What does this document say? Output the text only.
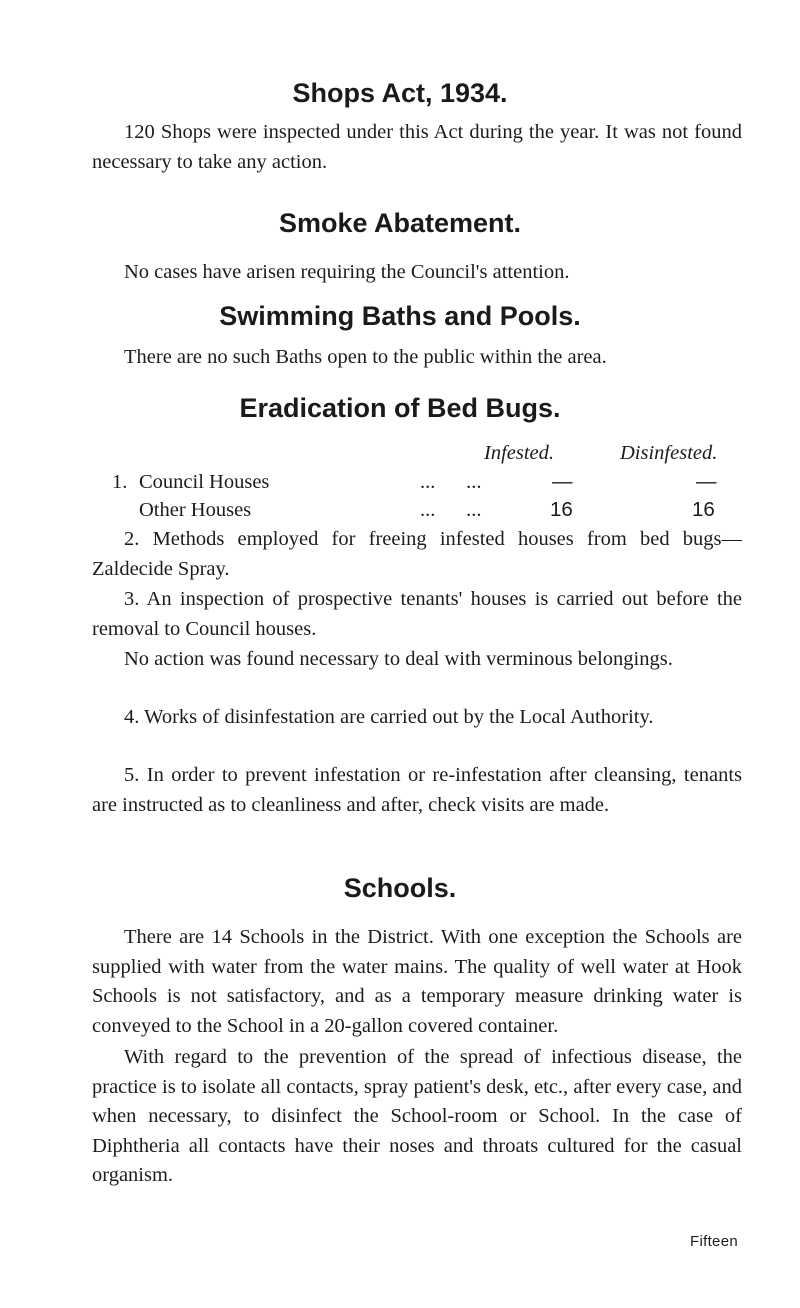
Shops Act, 1934.

120 Shops were inspected under this Act during the year. It was not found necessary to take any action.

Smoke Abatement.

No cases have arisen requiring the Council's attention.

Swimming Baths and Pools.

There are no such Baths open to the public within the area.

Eradication of Bed Bugs.
Infested.	Disinfested.
1. Council Houses	...      ...	—	—
Other Houses	...      ...	16	16

2. Methods employed for freeing infested houses from bed bugs—Zaldecide Spray.

3. An inspection of prospective tenants' houses is carried out before the removal to Council houses.

No action was found necessary to deal with verminous belongings.

4. Works of disinfestation are carried out by the Local Authority.

5. In order to prevent infestation or re-infestation after cleansing, tenants are instructed as to cleanliness and after, check visits are made.

Schools.

There are 14 Schools in the District. With one exception the Schools are supplied with water from the water mains. The quality of well water at Hook Schools is not satisfactory, and as a temporary measure drinking water is conveyed to the School in a 20-gallon covered container.

With regard to the prevention of the spread of infectious disease, the practice is to isolate all contacts, spray patient's desk, etc., after every case, and when necessary, to disinfect the School-room or School. In the case of Diphtheria all contacts have their noses and throats cultured for the casual organism.

Fifteen
